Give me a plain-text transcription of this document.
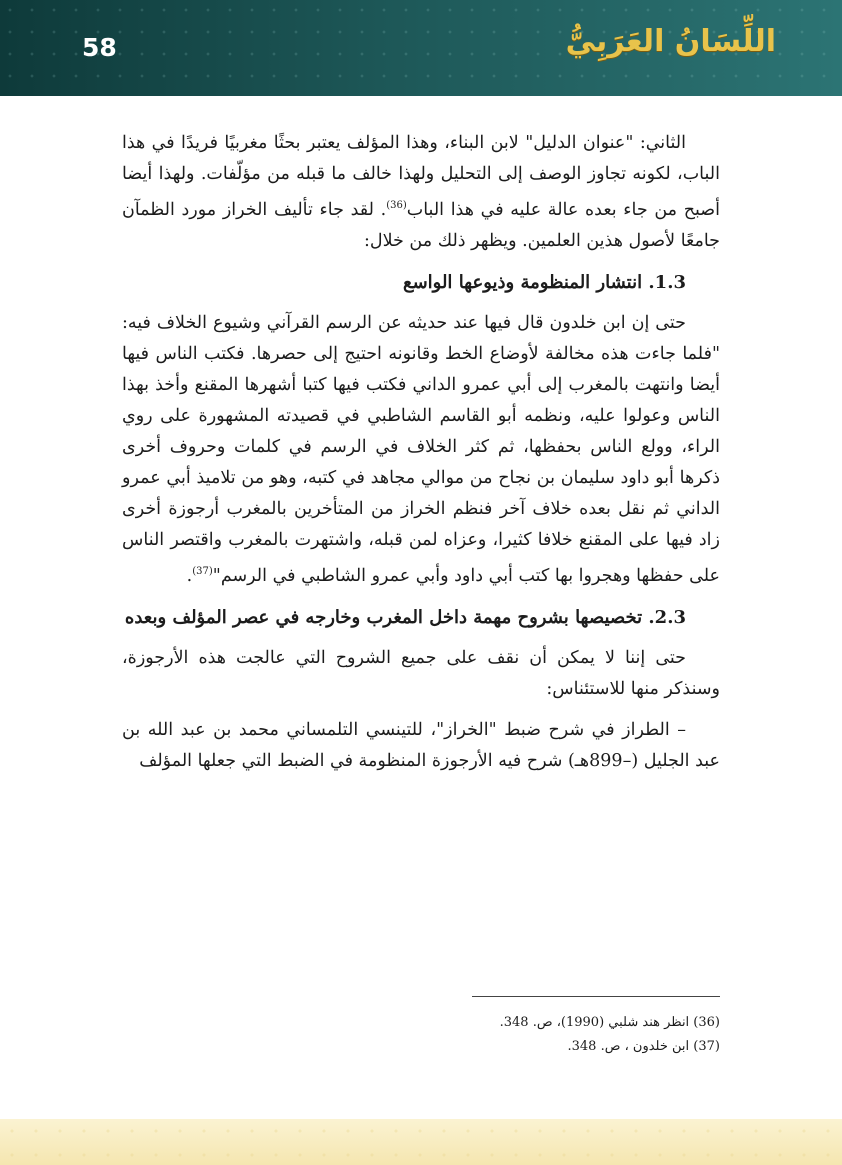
58	اللِّسَانُ العَرَبِيُّ

الثاني: "عنوان الدليل" لابن البناء، وهذا المؤلف يعتبر بحثًا مغربيًا فريدًا في هذا الباب، لكونه تجاوز الوصف إلى التحليل ولهذا خالف ما قبله من مؤلّفات. ولهذا أيضا أصبح من جاء بعده عالة عليه في هذا الباب$^{(36)}$. لقد جاء تأليف الخراز مورد الظمآن جامعًا لأصول هذين العلمين. ويظهر ذلك من خلال:

1.3. انتشار المنظومة وذيوعها الواسع

حتى إن ابن خلدون قال فيها عند حديثه عن الرسم القرآني وشيوع الخلاف فيه: "فلما جاءت هذه مخالفة لأوضاع الخط وقانونه احتيج إلى حصرها. فكتب الناس فيها أيضا وانتهت بالمغرب إلى أبي عمرو الداني فكتب فيها كتبا أشهرها المقنع وأخذ بهذا الناس وعولوا عليه، ونظمه أبو القاسم الشاطبي في قصيدته المشهورة على روي الراء، وولع الناس بحفظها، ثم كثر الخلاف في الرسم في كلمات وحروف أخرى ذكرها أبو داود سليمان بن نجاح من موالي مجاهد في كتبه، وهو من تلاميذ أبي عمرو الداني ثم نقل بعده خلاف آخر فنظم الخراز من المتأخرين بالمغرب أرجوزة أخرى زاد فيها على المقنع خلافا كثيرا، وعزاه لمن قبله، واشتهرت بالمغرب واقتصر الناس على حفظها وهجروا بها كتب أبي داود وأبي عمرو الشاطبي في الرسم"$^{(37)}$.

2.3. تخصيصها بشروح مهمة داخل المغرب وخارجه في عصر المؤلف وبعده

حتى إننا لا يمكن أن نقف على جميع الشروح التي عالجت هذه الأرجوزة، وسنذكر منها للاستئناس:

– الطراز في شرح ضبط "الخراز"، للتينسي التلمساني محمد بن عبد الله بن عبد الجليل (–899هـ) شرح فيه الأرجوزة المنظومة في الضبط التي جعلها المؤلف

(36) انظر هند شلبي (1990)، ص. 348.
(37) ابن خلدون ، ص. 348.
